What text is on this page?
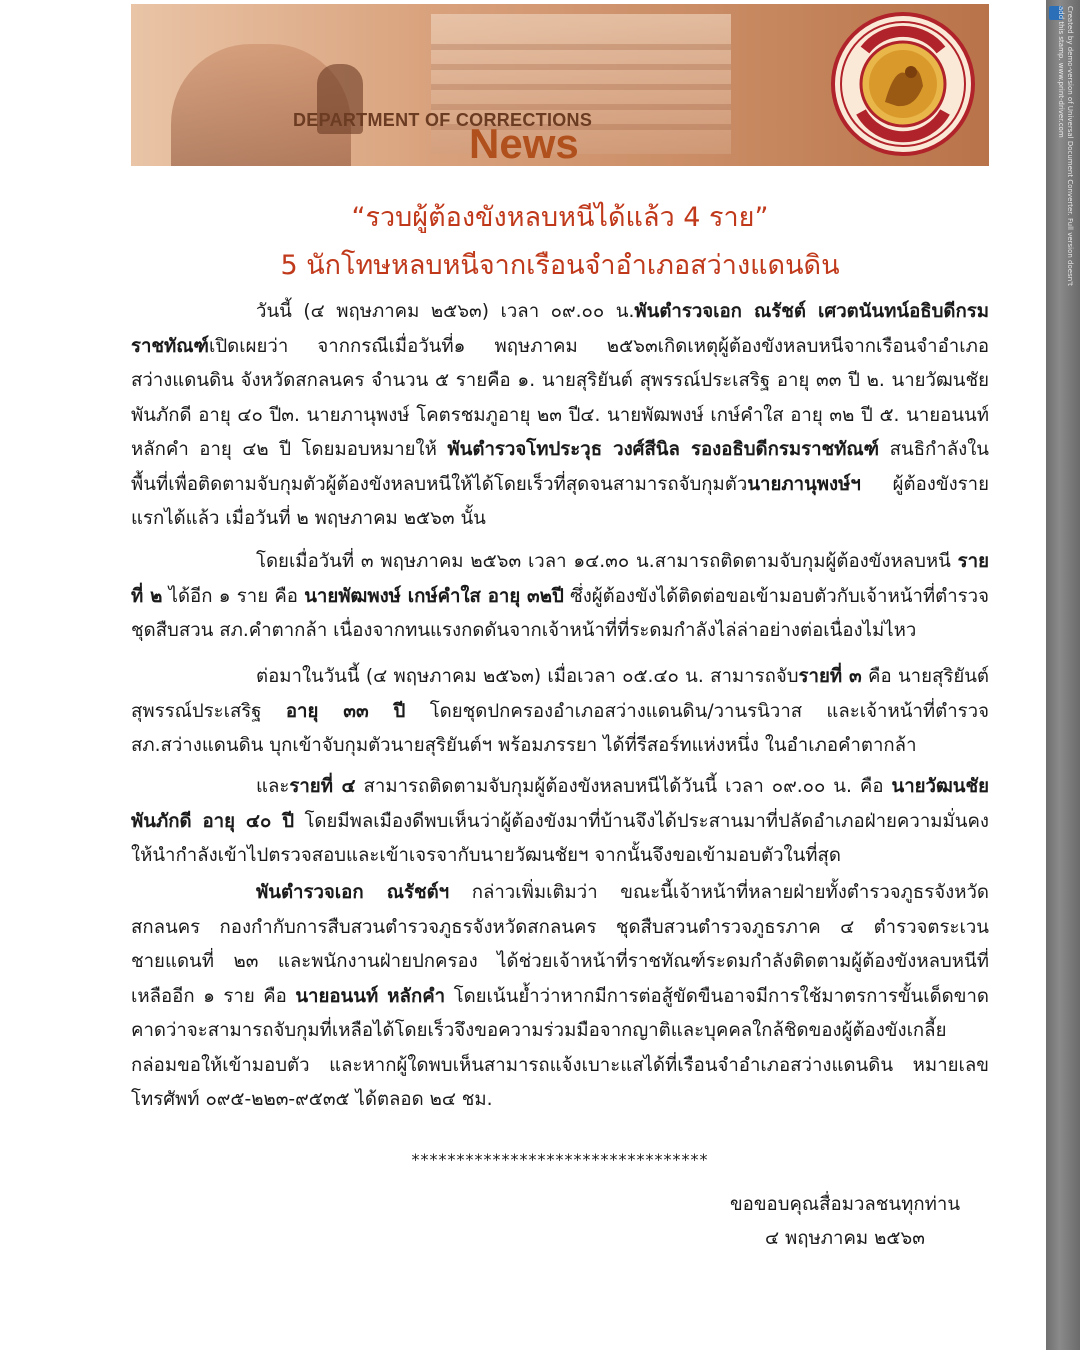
DEPARTMENT OF CORRECTIONS
News
“รวบผู้ต้องขังหลบหนีได้แล้ว 4 ราย”
5 นักโทษหลบหนีจากเรือนจำอำเภอสว่างแดนดิน
วันนี้ (๔ พฤษภาคม ๒๕๖๓) เวลา ๐๙.๐๐ น.พันตำรวจเอก ณรัชต์ เศวตนันทน์อธิบดีกรมราชทัณฑ์เปิดเผยว่า จากกรณีเมื่อวันที่๑ พฤษภาคม ๒๕๖๓เกิดเหตุผู้ต้องขังหลบหนีจากเรือนจำอำเภอสว่างแดนดิน จังหวัดสกลนคร จำนวน ๕ รายคือ ๑. นายสุริยันต์ สุพรรณ์ประเสริฐ อายุ ๓๓ ปี ๒. นายวัฒนชัย พันภักดี อายุ ๔๐ ปี๓. นายภานุพงษ์ โคตรชมภูอายุ ๒๓ ปี๔. นายพัฒพงษ์ เกษ์คำใส อายุ ๓๒ ปี ๕. นายอนนท์ หลักคำ อายุ ๔๒ ปี โดยมอบหมายให้ พันตำรวจโทประวุธ วงศ์สีนิล รองอธิบดีกรมราชทัณฑ์ สนธิกำลังในพื้นที่เพื่อติดตามจับกุมตัวผู้ต้องขังหลบหนีให้ได้โดยเร็วที่สุดจนสามารถจับกุมตัวนายภานุพงษ์ฯ ผู้ต้องขังรายแรกได้แล้ว เมื่อวันที่ ๒ พฤษภาคม ๒๕๖๓ นั้น
โดยเมื่อวันที่ ๓ พฤษภาคม ๒๕๖๓ เวลา ๑๔.๓๐ น.สามารถติดตามจับกุมผู้ต้องขังหลบหนี รายที่ ๒ ได้อีก ๑ ราย คือ นายพัฒพงษ์ เกษ์คำใส อายุ ๓๒ปี ซึ่งผู้ต้องขังได้ติดต่อขอเข้ามอบตัวกับเจ้าหน้าที่ตำรวจชุดสืบสวน สภ.คำตากล้า เนื่องจากทนแรงกดดันจากเจ้าหน้าที่ที่ระดมกำลังไล่ล่าอย่างต่อเนื่องไม่ไหว
ต่อมาในวันนี้ (๔ พฤษภาคม ๒๕๖๓) เมื่อเวลา ๐๕.๔๐ น. สามารถจับรายที่ ๓ คือ นายสุริยันต์ สุพรรณ์ประเสริฐ อายุ ๓๓ ปี โดยชุดปกครองอำเภอสว่างแดนดิน/วานรนิวาส และเจ้าหน้าที่ตำรวจ สภ.สว่างแดนดิน บุกเข้าจับกุมตัวนายสุริยันต์ฯ พร้อมภรรยา ได้ที่รีสอร์ทแห่งหนึ่ง ในอำเภอคำตากล้า
และรายที่ ๔ สามารถติดตามจับกุมผู้ต้องขังหลบหนีได้วันนี้ เวลา ๐๙.๐๐ น. คือ นายวัฒนชัย พันภักดี อายุ ๔๐ ปี โดยมีพลเมืองดีพบเห็นว่าผู้ต้องขังมาที่บ้านจึงได้ประสานมาที่ปลัดอำเภอฝ่ายความมั่นคงให้นำกำลังเข้าไปตรวจสอบและเข้าเจรจากับนายวัฒนชัยฯ จากนั้นจึงขอเข้ามอบตัวในที่สุด
พันตำรวจเอก ณรัชต์ฯ กล่าวเพิ่มเติมว่า ขณะนี้เจ้าหน้าที่หลายฝ่ายทั้งตำรวจภูธรจังหวัดสกลนคร กองกำกับการสืบสวนตำรวจภูธรจังหวัดสกลนคร ชุดสืบสวนตำรวจภูธรภาค ๔ ตำรวจตระเวนชายแดนที่ ๒๓ และพนักงานฝ่ายปกครอง ได้ช่วยเจ้าหน้าที่ราชทัณฑ์ระดมกำลังติดตามผู้ต้องขังหลบหนีที่เหลืออีก ๑ ราย คือ นายอนนท์ หลักคำ โดยเน้นย้ำว่าหากมีการต่อสู้ขัดขืนอาจมีการใช้มาตรการขั้นเด็ดขาด คาดว่าจะสามารถจับกุมที่เหลือได้โดยเร็วจึงขอความร่วมมือจากญาติและบุคคลใกล้ชิดของผู้ต้องขังเกลี้ยกล่อมขอให้เข้ามอบตัว และหากผู้ใดพบเห็นสามารถแจ้งเบาะแสได้ที่เรือนจำอำเภอสว่างแดนดิน หมายเลขโทรศัพท์ ๐๙๕-๒๒๓-๙๕๓๕ ได้ตลอด ๒๔ ชม.
*********************************
ขอขอบคุณสื่อมวลชนทุกท่าน
๔ พฤษภาคม ๒๕๖๓
Created by demo-version of Universal Document Converter. Full version doesn't add this stamp. www.print-driver.com
